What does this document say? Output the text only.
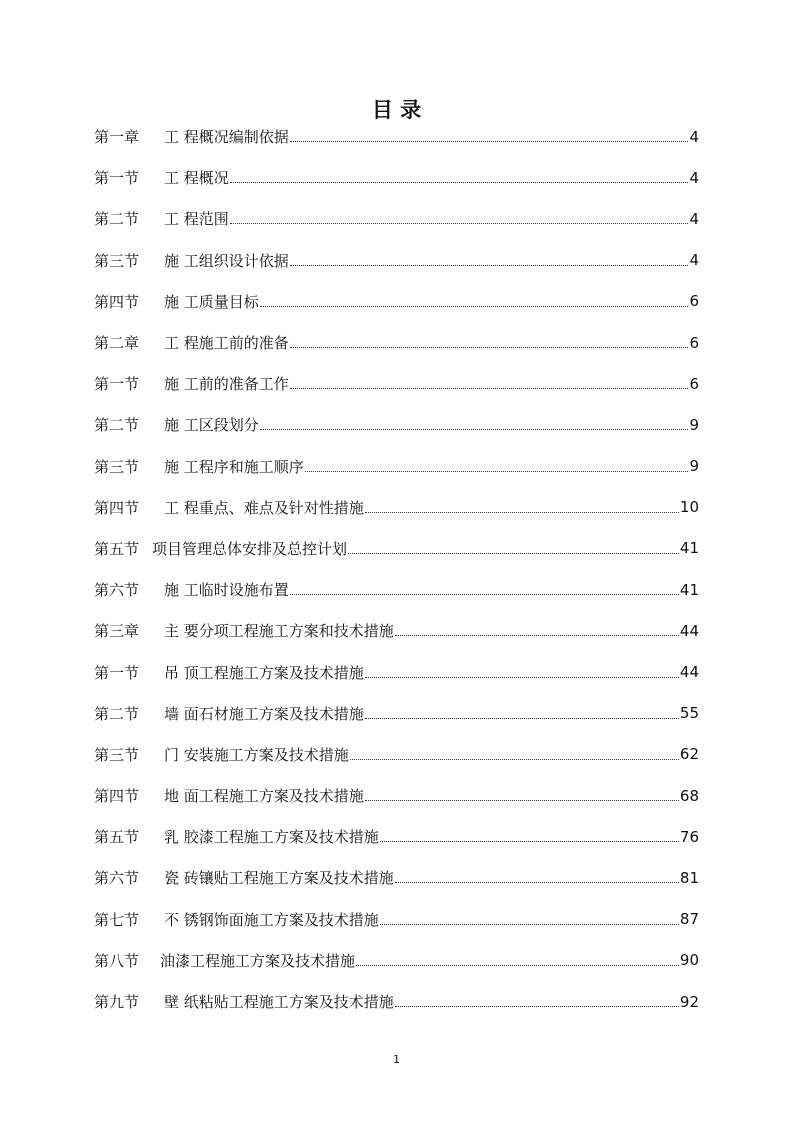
目 录
第一章	工 程概况编制依据	4
第一节	工 程概况	4
第二节	工 程范围	4
第三节	施 工组织设计依据	4
第四节	施 工质量目标	6
第二章	工 程施工前的准备	6
第一节	施 工前的准备工作	6
第二节	施 工区段划分	9
第三节	施 工程序和施工顺序	9
第四节	工 程重点、难点及针对性措施	10
第五节 项目管理总体安排及总控计划	41
第六节	施 工临时设施布置	41
第三章	主 要分项工程施工方案和技术措施	44
第一节	吊 顶工程施工方案及技术措施	44
第二节	墙 面石材施工方案及技术措施	55
第三节	门 安装施工方案及技术措施	62
第四节	地 面工程施工方案及技术措施	68
第五节	乳 胶漆工程施工方案及技术措施	76
第六节	瓷 砖镶贴工程施工方案及技术措施	81
第七节	不 锈钢饰面施工方案及技术措施	87
第八节	油漆工程施工方案及技术措施	90
第九节	壁 纸粘贴工程施工方案及技术措施	92
1
